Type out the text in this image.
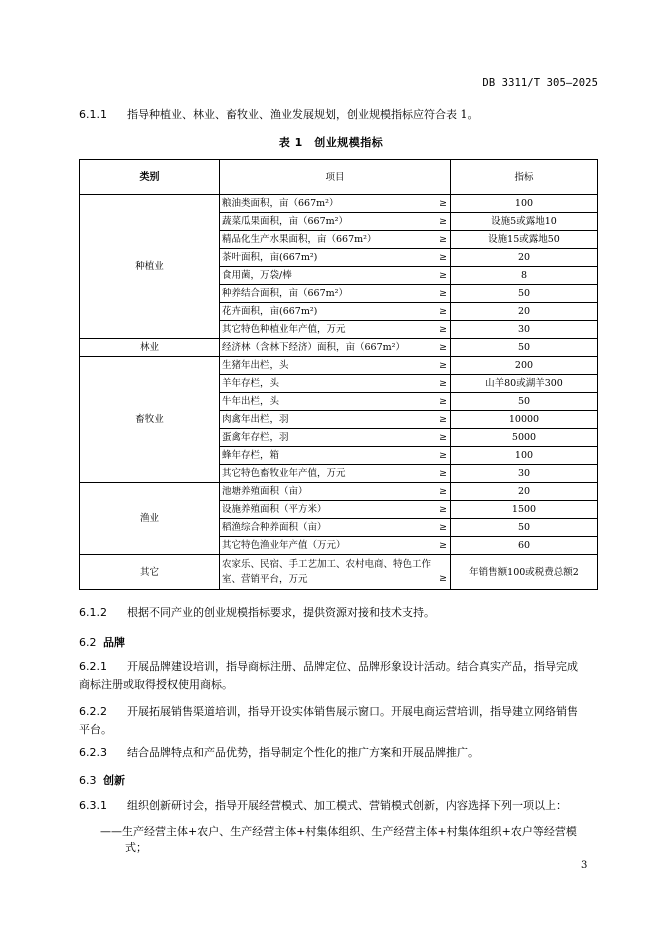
DB 3311/T 305—2025
6.1.1 指导种植业、林业、畜牧业、渔业发展规划，创业规模指标应符合表 1。
表 1　创业规模指标
类别	项目	指标
种植业	粮油类面积，亩（667m²） ≥	100
	蔬菜瓜果面积，亩（667m²） ≥	设施5或露地10
	精品化生产水果面积，亩（667m²） ≥	设施15或露地50
	茶叶面积，亩(667m²) ≥	20
	食用菌，万袋/棒 ≥	8
	种养结合面积，亩（667m²） ≥	50
	花卉面积，亩(667m²) ≥	20
	其它特色种植业年产值，万元 ≥	30
林业	经济林（含林下经济）面积，亩（667m²） ≥	50
畜牧业	生猪年出栏，头 ≥	200
	羊年存栏，头 ≥	山羊80或湖羊300
	牛年出栏，头 ≥	50
	肉禽年出栏，羽 ≥	10000
	蛋禽年存栏，羽 ≥	5000
	蜂年存栏，箱 ≥	100
	其它特色畜牧业年产值，万元 ≥	30
渔业	池塘养殖面积（亩） ≥	20
	设施养殖面积（平方米） ≥	1500
	稻渔综合种养面积（亩） ≥	50
	其它特色渔业年产值（万元） ≥	60
其它	农家乐、民宿、手工艺加工、农村电商、特色工作室、营销平台，万元 ≥	年销售额100或税费总额2
6.1.2 根据不同产业的创业规模指标要求，提供资源对接和技术支持。
6.2 品牌
6.2.1 开展品牌建设培训，指导商标注册、品牌定位、品牌形象设计活动。结合真实产品，指导完成
商标注册或取得授权使用商标。
6.2.2 开展拓展销售渠道培训，指导开设实体销售展示窗口。开展电商运营培训，指导建立网络销售
平台。
6.2.3 结合品牌特点和产品优势，指导制定个性化的推广方案和开展品牌推广。
6.3 创新
6.3.1 组织创新研讨会，指导开展经营模式、加工模式、营销模式创新，内容选择下列一项以上：
——生产经营主体+农户、生产经营主体+村集体组织、生产经营主体+村集体组织+农户等经营模
式；
3
